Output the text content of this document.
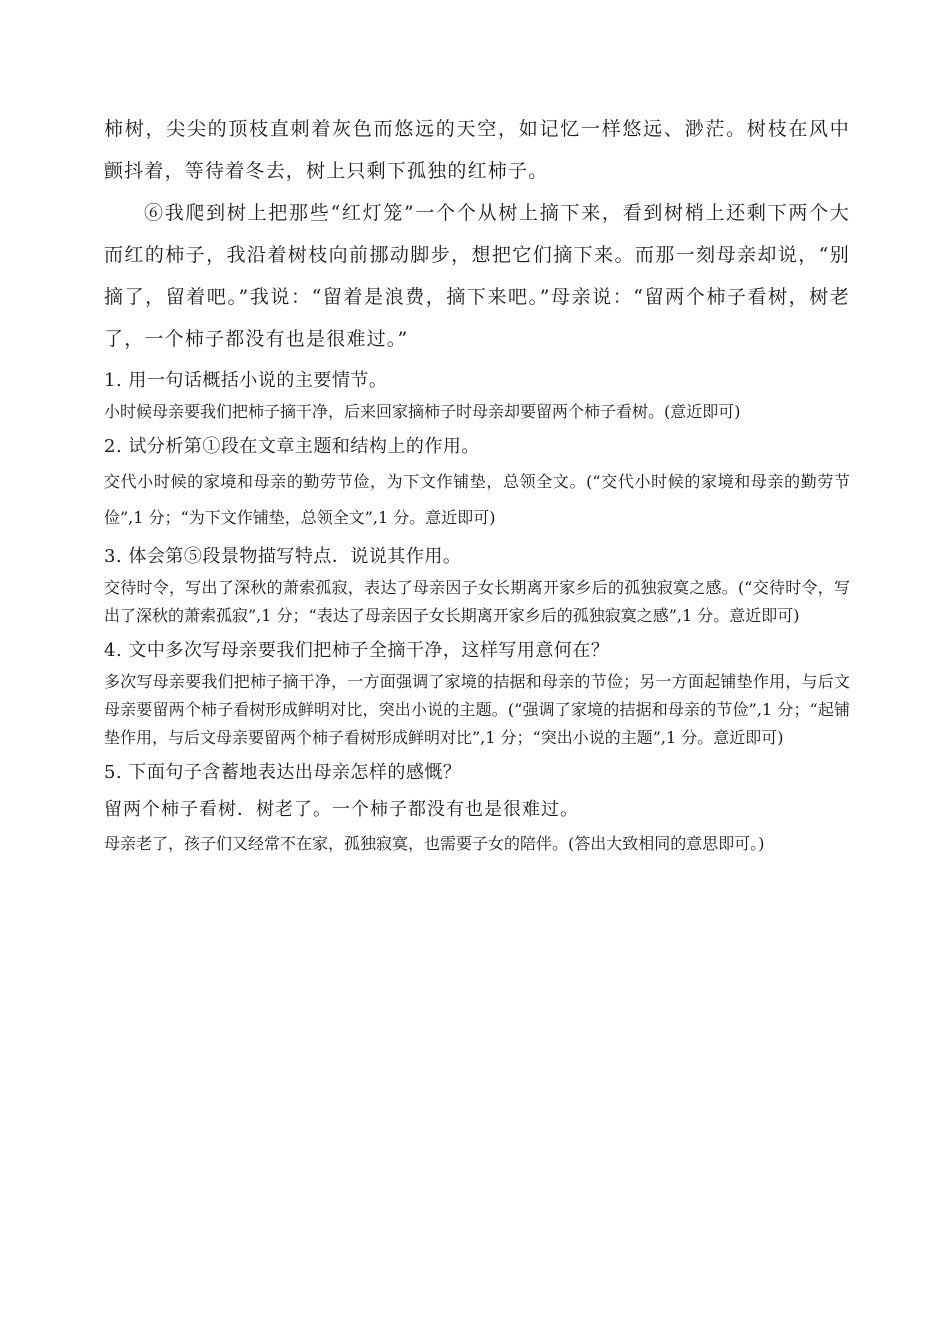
柿树，尖尖的顶枝直刺着灰色而悠远的天空，如记忆一样悠远、渺茫。树枝在风中颤抖着，等待着冬去，树上只剩下孤独的红柿子。

⑥我爬到树上把那些“红灯笼”一个个从树上摘下来，看到树梢上还剩下两个大而红的柿子，我沿着树枝向前挪动脚步，想把它们摘下来。而那一刻母亲却说，“别摘了，留着吧。”我说：“留着是浪费，摘下来吧。”母亲说：“留两个柿子看树，树老了，一个柿子都没有也是很难过。”

1. 用一句话概括小说的主要情节。

小时候母亲要我们把柿子摘干净，后来回家摘柿子时母亲却要留两个柿子看树。(意近即可)

2. 试分析第①段在文章主题和结构上的作用。

交代小时候的家境和母亲的勤劳节俭，为下文作铺垫，总领全文。(“交代小时候的家境和母亲的勤劳节俭”,1 分；“为下文作铺垫，总领全文”,1 分。意近即可)

3. 体会第⑤段景物描写特点．说说其作用。

交待时令，写出了深秋的萧索孤寂，表达了母亲因子女长期离开家乡后的孤独寂寞之感。(“交待时令，写出了深秋的萧索孤寂”,1 分；“表达了母亲因子女长期离开家乡后的孤独寂寞之感”,1 分。意近即可)

4. 文中多次写母亲要我们把柿子全摘干净，这样写用意何在？

多次写母亲要我们把柿子摘干净，一方面强调了家境的拮据和母亲的节俭；另一方面起铺垫作用，与后文母亲要留两个柿子看树形成鲜明对比，突出小说的主题。(“强调了家境的拮据和母亲的节俭”,1 分；“起铺垫作用，与后文母亲要留两个柿子看树形成鲜明对比”,1 分；“突出小说的主题”,1 分。意近即可)

5. 下面句子含蓄地表达出母亲怎样的感慨？

留两个柿子看树．树老了。一个柿子都没有也是很难过。

母亲老了，孩子们又经常不在家，孤独寂寞，也需要子女的陪伴。(答出大致相同的意思即可。)
